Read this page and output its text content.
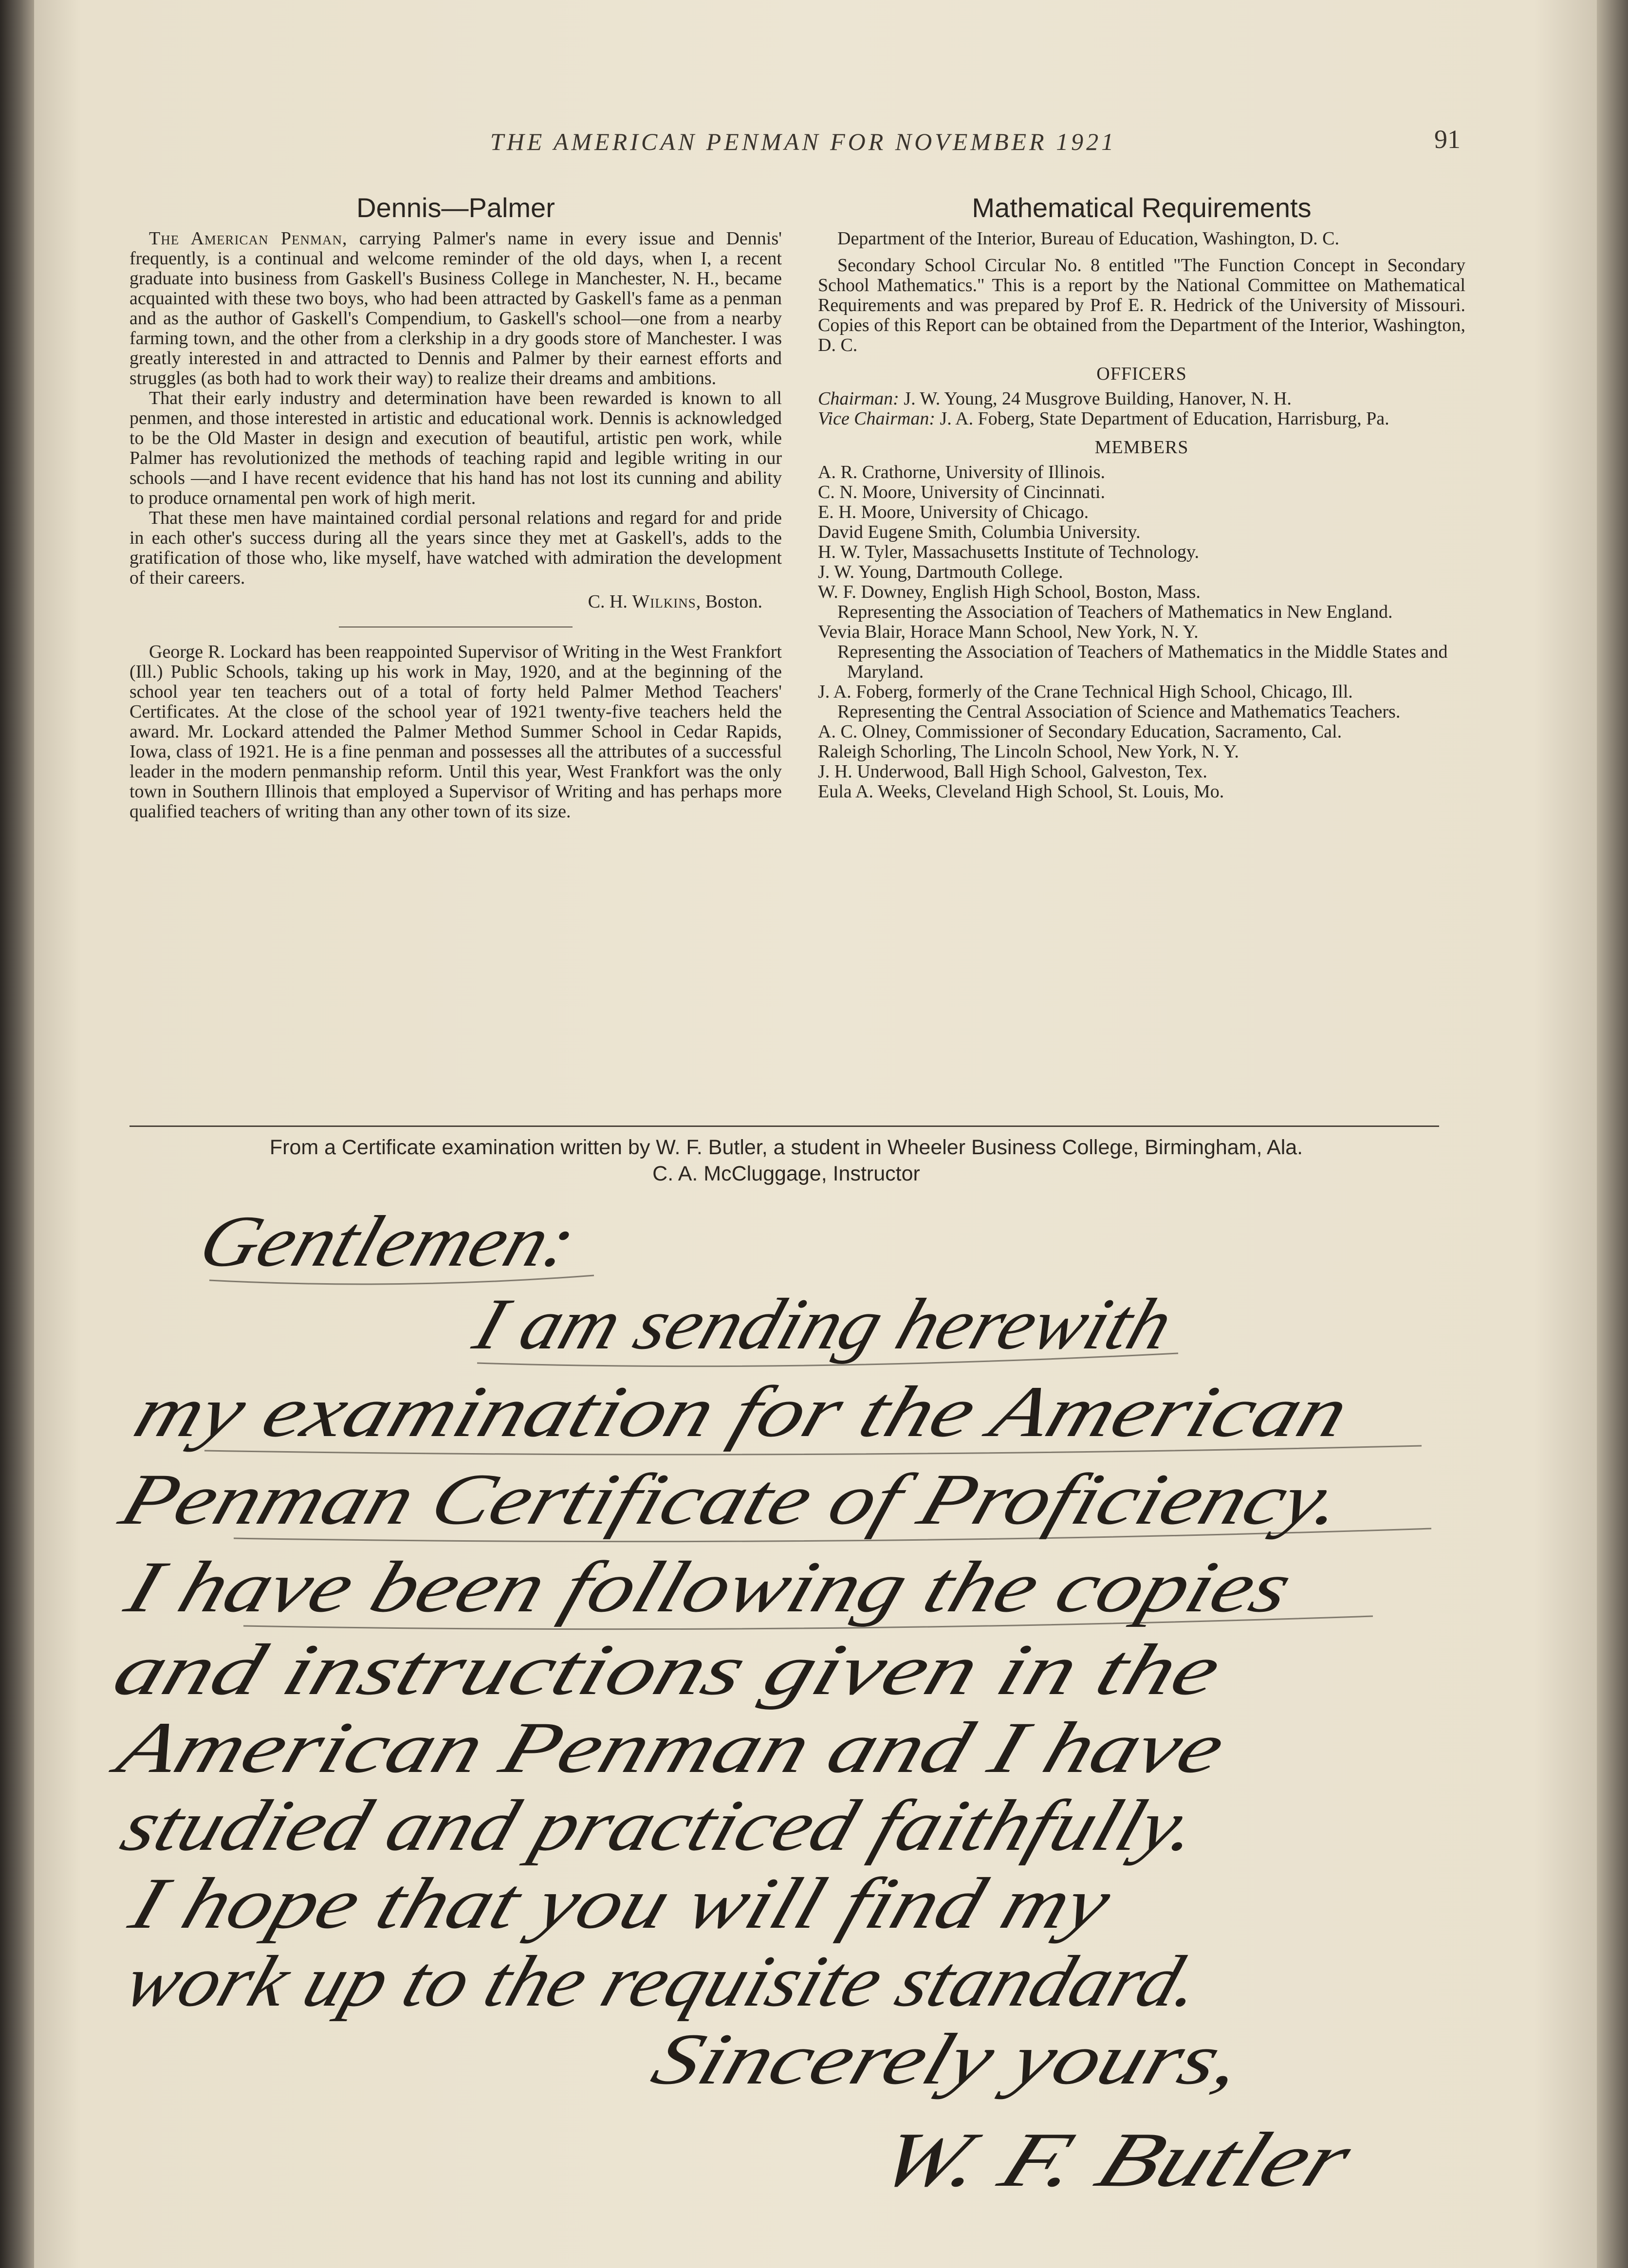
THE AMERICAN PENMAN FOR NOVEMBER 1921	91
Dennis—Palmer

The American Penman, carrying Palmer's name in every issue and Dennis' frequently, is a continual and welcome reminder of the old days, when I, a recent graduate into business from Gaskell's Business College in Manchester, N. H., became acquainted with these two boys, who had been attracted by Gaskell's fame as a penman and as the author of Gaskell's Compendium, to Gaskell's school—one from a nearby farming town, and the other from a clerkship in a dry goods store of Manchester. I was greatly interested in and attracted to Dennis and Palmer by their earnest efforts and struggles (as both had to work their way) to realize their dreams and ambitions.

That their early industry and determination have been rewarded is known to all penmen, and those interested in artistic and educational work. Dennis is acknowledged to be the Old Master in design and execution of beautiful, artistic pen work, while Palmer has revolutionized the methods of teaching rapid and legible writing in our schools —and I have recent evidence that his hand has not lost its cunning and ability to produce ornamental pen work of high merit.

That these men have maintained cordial personal relations and regard for and pride in each other's success during all the years since they met at Gaskell's, adds to the gratification of those who, like myself, have watched with admiration the development of their careers.

C. H. Wilkins, Boston.

George R. Lockard has been reappointed Supervisor of Writing in the West Frankfort (Ill.) Public Schools, taking up his work in May, 1920, and at the beginning of the school year ten teachers out of a total of forty held Palmer Method Teachers' Certificates. At the close of the school year of 1921 twenty-five teachers held the award. Mr. Lockard attended the Palmer Method Summer School in Cedar Rapids, Iowa, class of 1921. He is a fine penman and possesses all the attributes of a successful leader in the modern penmanship reform. Until this year, West Frankfort was the only town in Southern Illinois that employed a Supervisor of Writing and has perhaps more qualified teachers of writing than any other town of its size.

Mathematical Requirements

Department of the Interior, Bureau of Education, Washington, D. C.

Secondary School Circular No. 8 entitled "The Function Concept in Secondary School Mathematics." This is a report by the National Committee on Mathematical Requirements and was prepared by Prof E. R. Hedrick of the University of Missouri. Copies of this Report can be obtained from the Department of the Interior, Washington, D. C.

OFFICERS

Chairman: J. W. Young, 24 Musgrove Building, Hanover, N. H.

Vice Chairman: J. A. Foberg, State Department of Education, Harrisburg, Pa.

MEMBERS

A. R. Crathorne, University of Illinois.

C. N. Moore, University of Cincinnati.

E. H. Moore, University of Chicago.

David Eugene Smith, Columbia University.

H. W. Tyler, Massachusetts Institute of Technology.

J. W. Young, Dartmouth College.

W. F. Downey, English High School, Boston, Mass.

Representing the Association of Teachers of Mathematics in New England.

Vevia Blair, Horace Mann School, New York, N. Y.

Representing the Association of Teachers of Mathematics in the Middle States and Maryland.

J. A. Foberg, formerly of the Crane Technical High School, Chicago, Ill.

Representing the Central Association of Science and Mathematics Teachers.

A. C. Olney, Commissioner of Secondary Education, Sacramento, Cal.

Raleigh Schorling, The Lincoln School, New York, N. Y.

J. H. Underwood, Ball High School, Galveston, Tex.

Eula A. Weeks, Cleveland High School, St. Louis, Mo.

From a Certificate examination written by W. F. Butler, a student in Wheeler Business College, Birmingham, Ala.
C. A. McCluggage, Instructor
Gentlemen:
I am sending herewith
my examination for the American
Penman Certificate of Proficiency.
I have been following the copies
and instructions given in the
American Penman and I have
studied and practiced faithfully.
I hope that you will find my
work up to the requisite standard.
Sincerely yours,
W. F. Butler
